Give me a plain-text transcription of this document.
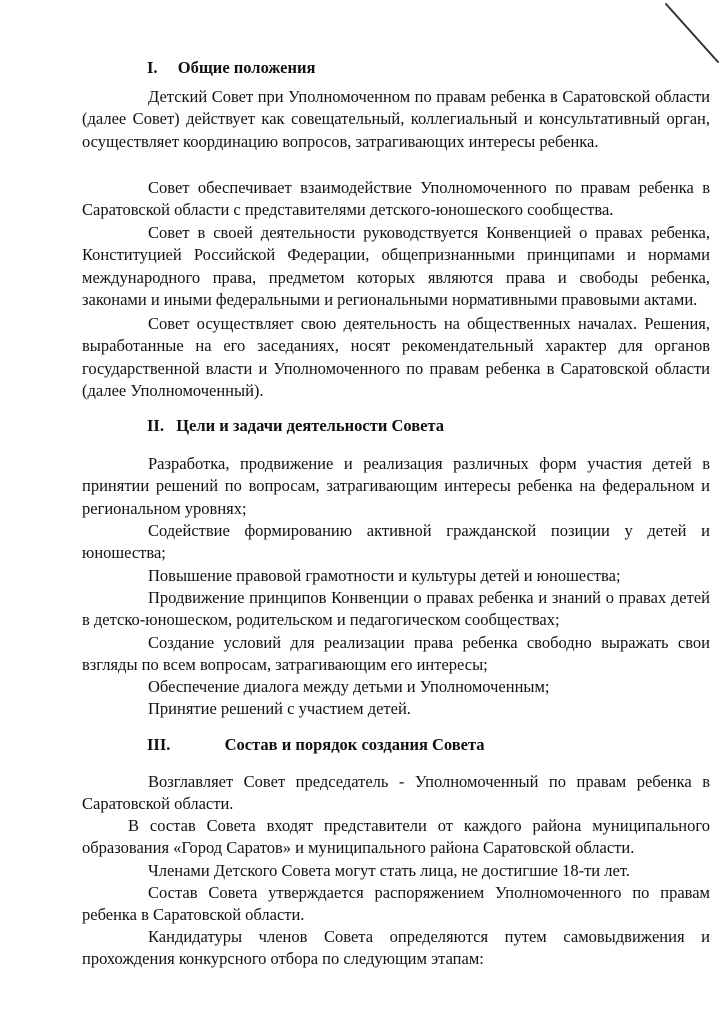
I. Общие положения

Детский Совет при Уполномоченном по правам ребенка в Саратовской области (далее Совет) действует как совещательный, коллегиальный и консультативный орган, осуществляет координацию вопросов, затрагивающих интересы ребенка.

Совет обеспечивает взаимодействие Уполномоченного по правам ребенка в Саратовской области с представителями детского-юношеского сообщества.

Совет в своей деятельности руководствуется Конвенцией о правах ребенка, Конституцией Российской Федерации, общепризнанными принципами и нормами международного права, предметом которых являются права и свободы ребенка, законами и иными федеральными и региональными нормативными правовыми актами.

Совет осуществляет свою деятельность на общественных началах. Решения, выработанные на его заседаниях, носят рекомендательный характер для органов государственной власти и Уполномоченного по правам ребенка в Саратовской области (далее Уполномоченный).

II. Цели и задачи деятельности Совета

Разработка, продвижение и реализация различных форм участия детей в принятии решений по вопросам, затрагивающим интересы ребенка на федеральном и региональном уровнях;

Содействие формированию активной гражданской позиции у детей и юношества;

Повышение правовой грамотности и культуры детей и юношества;

Продвижение принципов Конвенции о правах ребенка и знаний о правах детей в детско-юношеском, родительском и педагогическом сообществах;

Создание условий для реализации права ребенка свободно выражать свои взгляды по всем вопросам, затрагивающим его интересы;

Обеспечение диалога между детьми и Уполномоченным;

Принятие решений с участием детей.

III.	Состав и порядок создания Совета

Возглавляет Совет председатель - Уполномоченный по правам ребенка в Саратовской области.

В состав Совета входят представители от каждого района муниципального образования «Город Саратов» и муниципального района Саратовской области.

Членами Детского Совета могут стать лица, не достигшие 18-ти лет.

Состав Совета утверждается распоряжением Уполномоченного по правам ребенка в Саратовской области.

Кандидатуры членов Совета определяются путем самовыдвижения и прохождения конкурсного отбора по следующим этапам:
